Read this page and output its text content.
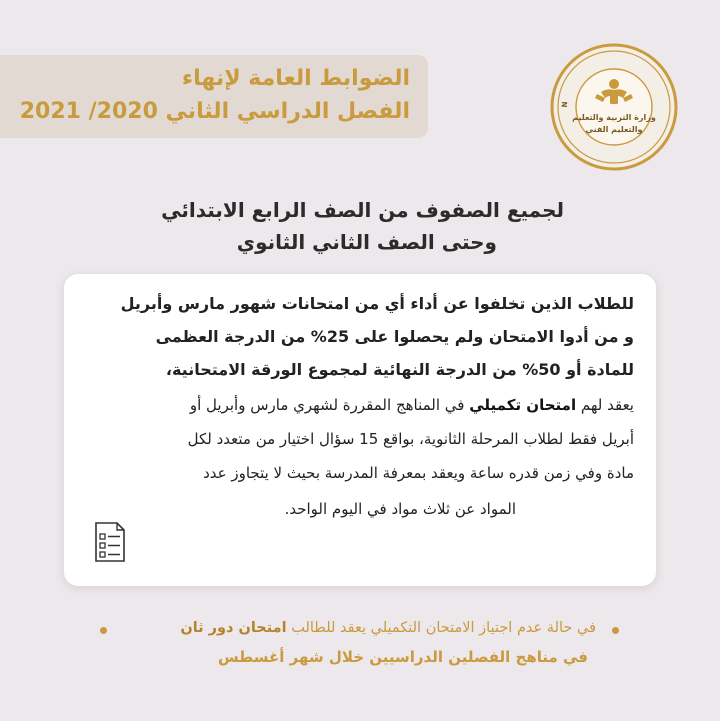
الضوابط العامة لإنهاء
الفصل الدراسي الثاني 2020/ 2021	N
وزارة التربية والتعليم
والتعليم الفني
لجميع الصفوف من الصف الرابع الابتدائي
وحتى الصف الثاني الثانوي
للطلاب الذين تخلفوا عن أداء أي من امتحانات شهور مارس وأبريل
و من أدوا الامتحان ولم يحصلوا على 25% من الدرجة العظمى
للمادة أو 50% من الدرجة النهائية لمجموع الورقة الامتحانية،
يعقد لهم امتحان تكميلي في المناهج المقررة لشهري مارس وأبريل أو
أبريل فقط لطلاب المرحلة الثانوية، بواقع 15 سؤال اختيار من متعدد لكل
مادة وفي زمن قدره ساعة ويعقد بمعرفة المدرسة بحيث لا يتجاوز عدد
المواد عن ثلاث مواد في اليوم الواحد.
في حالة عدم اجتياز الامتحان التكميلي يعقد للطالب امتحان دور ثان
في مناهج الفصلين الدراسيين خلال شهر أغسطس
